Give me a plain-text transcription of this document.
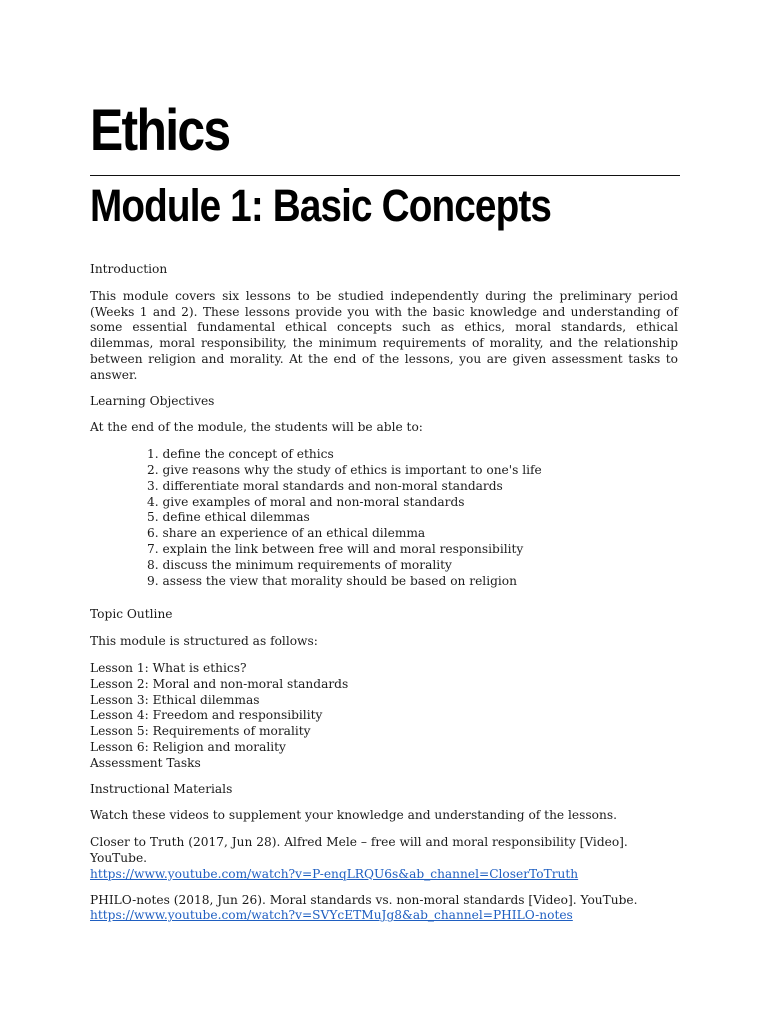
Ethics
Module 1: Basic Concepts

Introduction

This module covers six lessons to be studied independently during the preliminary period (Weeks 1 and 2). These lessons provide you with the basic knowledge and understanding of some essential fundamental ethical concepts such as ethics, moral standards, ethical dilemmas, moral responsibility, the minimum requirements of morality, and the relationship between religion and morality. At the end of the lessons, you are given assessment tasks to answer.

Learning Objectives

At the end of the module, the students will be able to:

1. define the concept of ethics
2. give reasons why the study of ethics is important to one's life
3. differentiate moral standards and non-moral standards
4. give examples of moral and non-moral standards
5. define ethical dilemmas
6. share an experience of an ethical dilemma
7. explain the link between free will and moral responsibility
8. discuss the minimum requirements of morality
9. assess the view that morality should be based on religion

Topic Outline

This module is structured as follows:

Lesson 1: What is ethics?

Lesson 2: Moral and non-moral standards

Lesson 3: Ethical dilemmas

Lesson 4: Freedom and responsibility

Lesson 5: Requirements of morality

Lesson 6: Religion and morality

Assessment Tasks

Instructional Materials

Watch these videos to supplement your knowledge and understanding of the lessons.

Closer to Truth (2017, Jun 28). Alfred Mele – free will and moral responsibility [Video]. YouTube.

https://www.youtube.com/watch?v=P-enqLRQU6s&ab_channel=CloserToTruth

PHILO-notes (2018, Jun 26). Moral standards vs. non-moral standards [Video]. YouTube.

https://www.youtube.com/watch?v=SVYcETMuJg8&ab_channel=PHILO-notes
